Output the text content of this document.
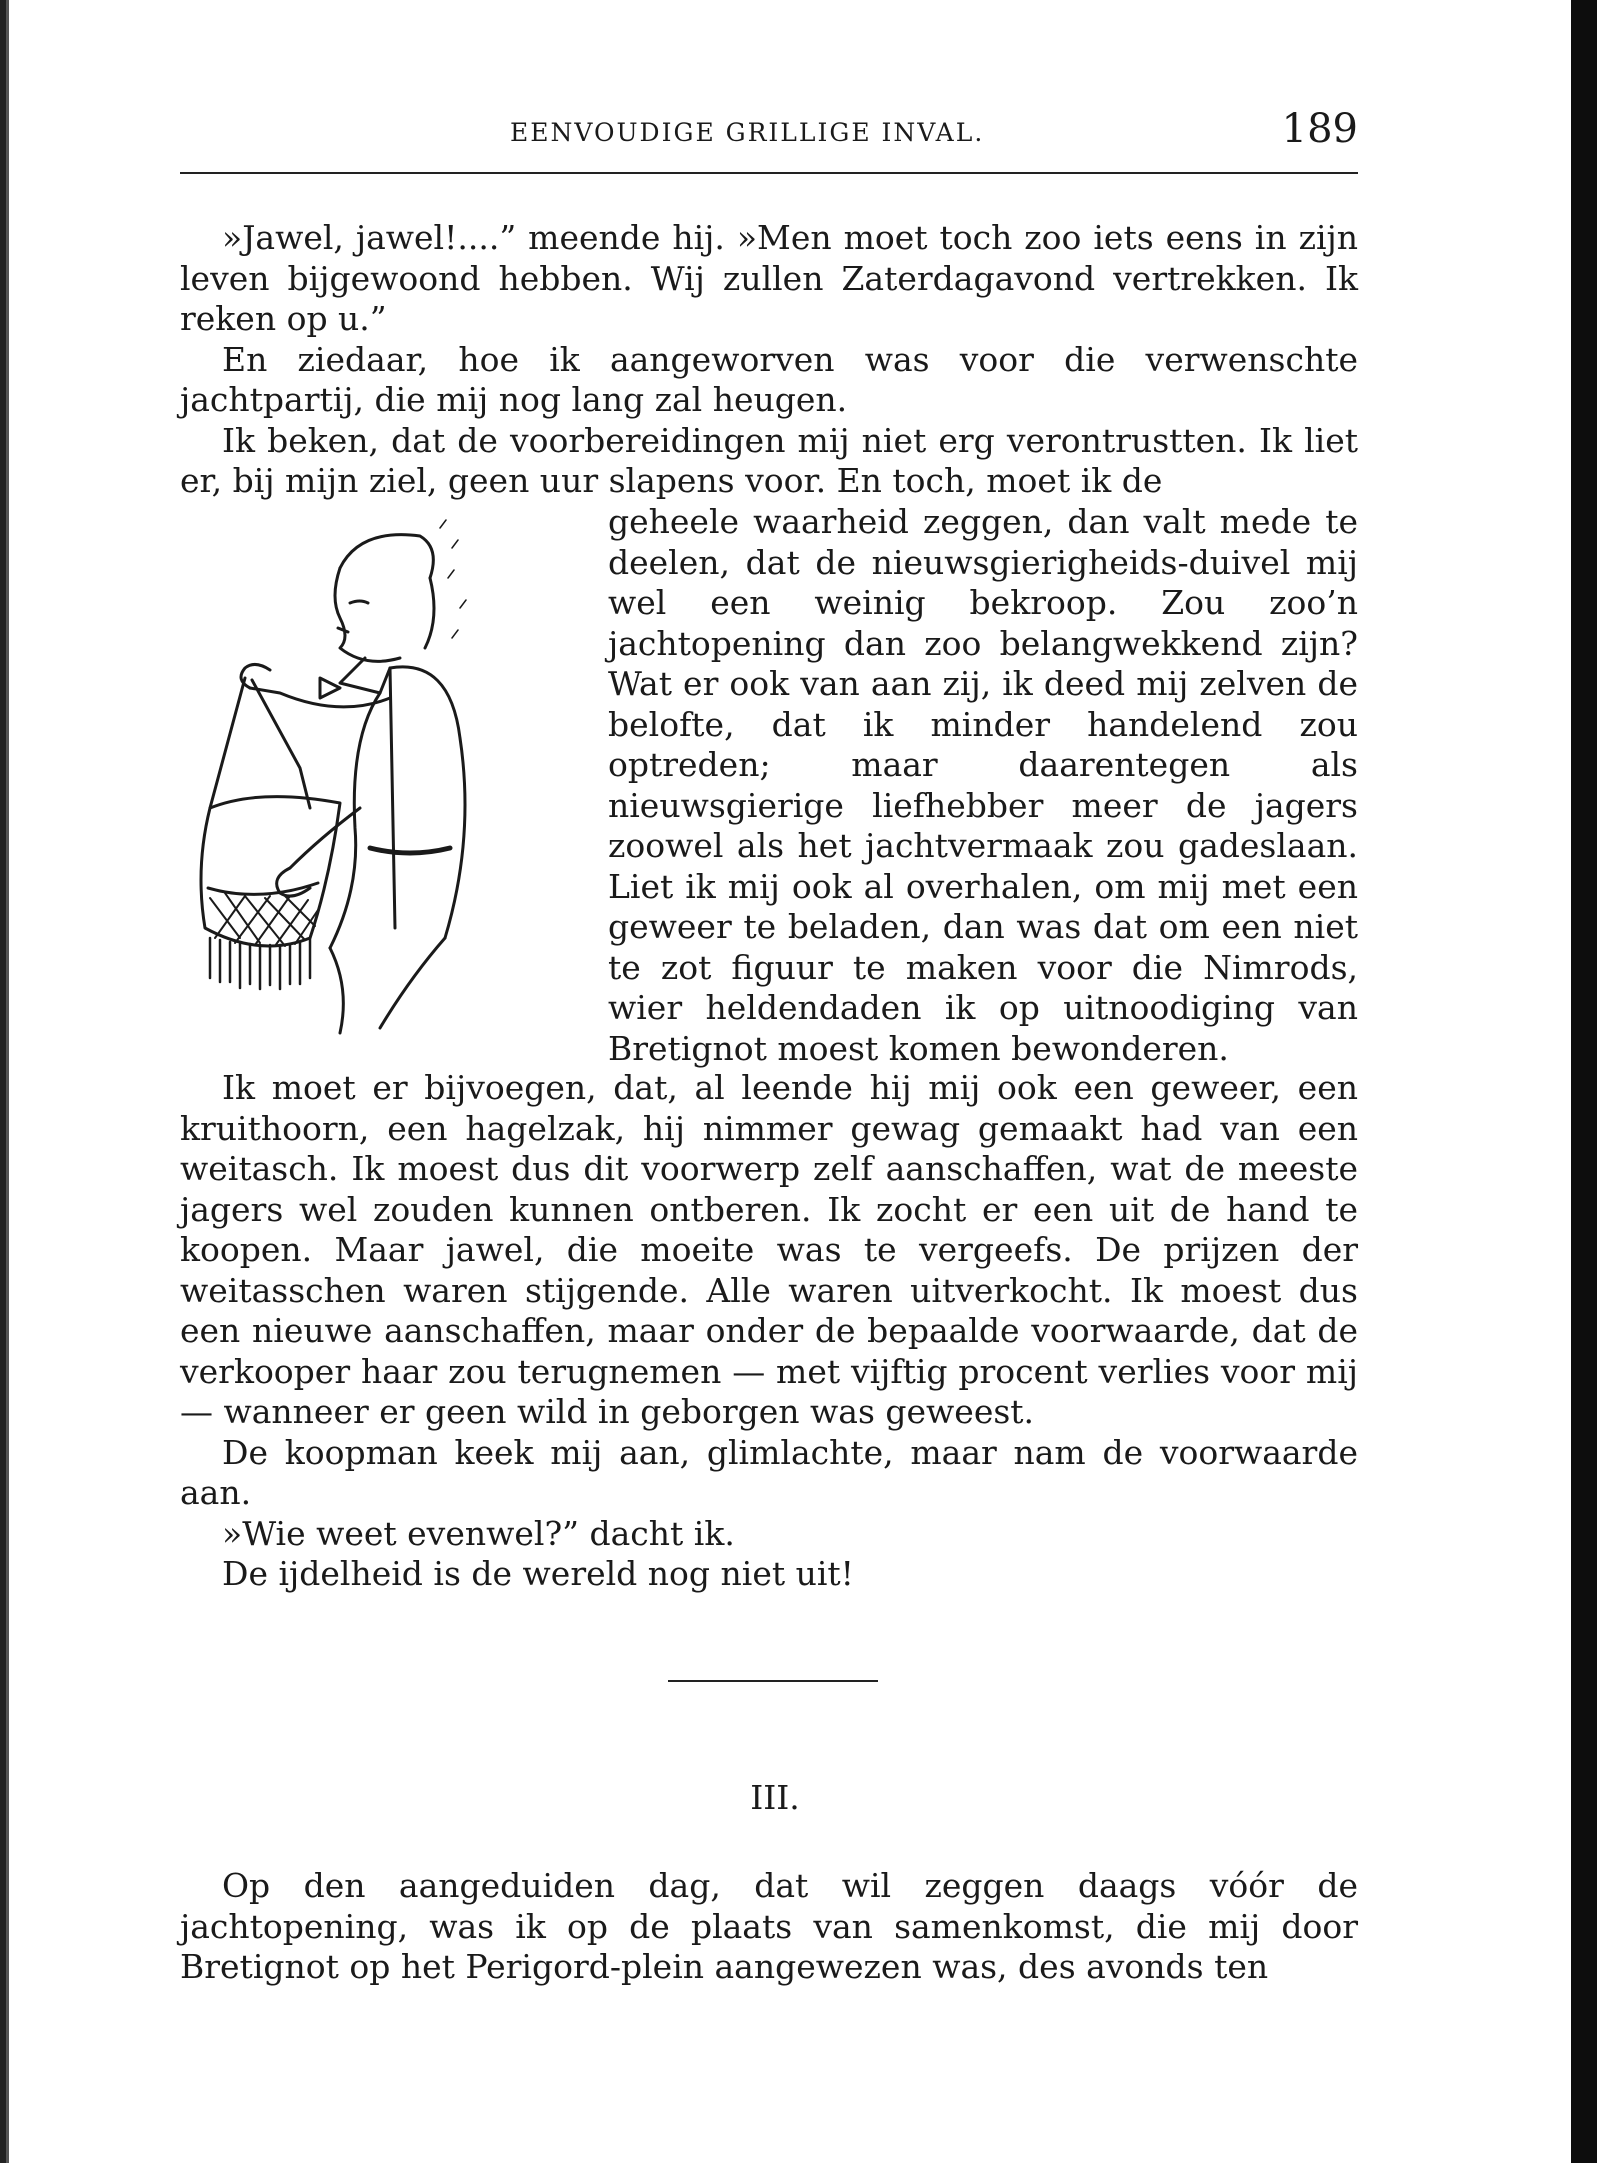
EENVOUDIGE GRILLIGE INVAL.	189

»Jawel, jawel!....” meende hij. »Men moet toch zoo iets eens in zijn leven bijgewoond hebben. Wij zullen Zaterdagavond vertrekken. Ik reken op u.”

En ziedaar, hoe ik aangeworven was voor die verwenschte jachtpartij, die mij nog lang zal heugen.

Ik beken, dat de voorbereidingen mij niet erg verontrustten. Ik liet er, bij mijn ziel, geen uur slapens voor. En toch, moet ik de

geheele waarheid zeggen, dan valt mede te deelen, dat de nieuwsgierigheids-duivel mij wel een weinig bekroop. Zou zoo’n jachtopening dan zoo belangwekkend zijn? Wat er ook van aan zij, ik deed mij zelven de belofte, dat ik minder handelend zou optreden; maar daarentegen als nieuwsgierige liefhebber meer de jagers zoowel als het jachtvermaak zou gadeslaan. Liet ik mij ook al overhalen, om mij met een geweer te beladen, dan was dat om een niet te zot figuur te maken voor die Nimrods, wier heldendaden ik op uitnoodiging van Bretignot moest komen bewonderen.

Ik moet er bijvoegen, dat, al leende hij mij ook een geweer, een kruithoorn, een hagelzak, hij nimmer gewag gemaakt had van een weitasch. Ik moest dus dit voorwerp zelf aanschaffen, wat de meeste jagers wel zouden kunnen ontberen. Ik zocht er een uit de hand te koopen. Maar jawel, die moeite was te vergeefs. De prijzen der weitasschen waren stijgende. Alle waren uitverkocht. Ik moest dus een nieuwe aanschaffen, maar onder de bepaalde voorwaarde, dat de verkooper haar zou terugnemen — met vijftig procent verlies voor mij — wanneer er geen wild in geborgen was geweest.

De koopman keek mij aan, glimlachte, maar nam de voorwaarde aan.

»Wie weet evenwel?” dacht ik.

De ijdelheid is de wereld nog niet uit!

III.

Op den aangeduiden dag, dat wil zeggen daags vóór de jachtopening, was ik op de plaats van samenkomst, die mij door Bretignot op het Perigord-plein aangewezen was, des avonds ten
